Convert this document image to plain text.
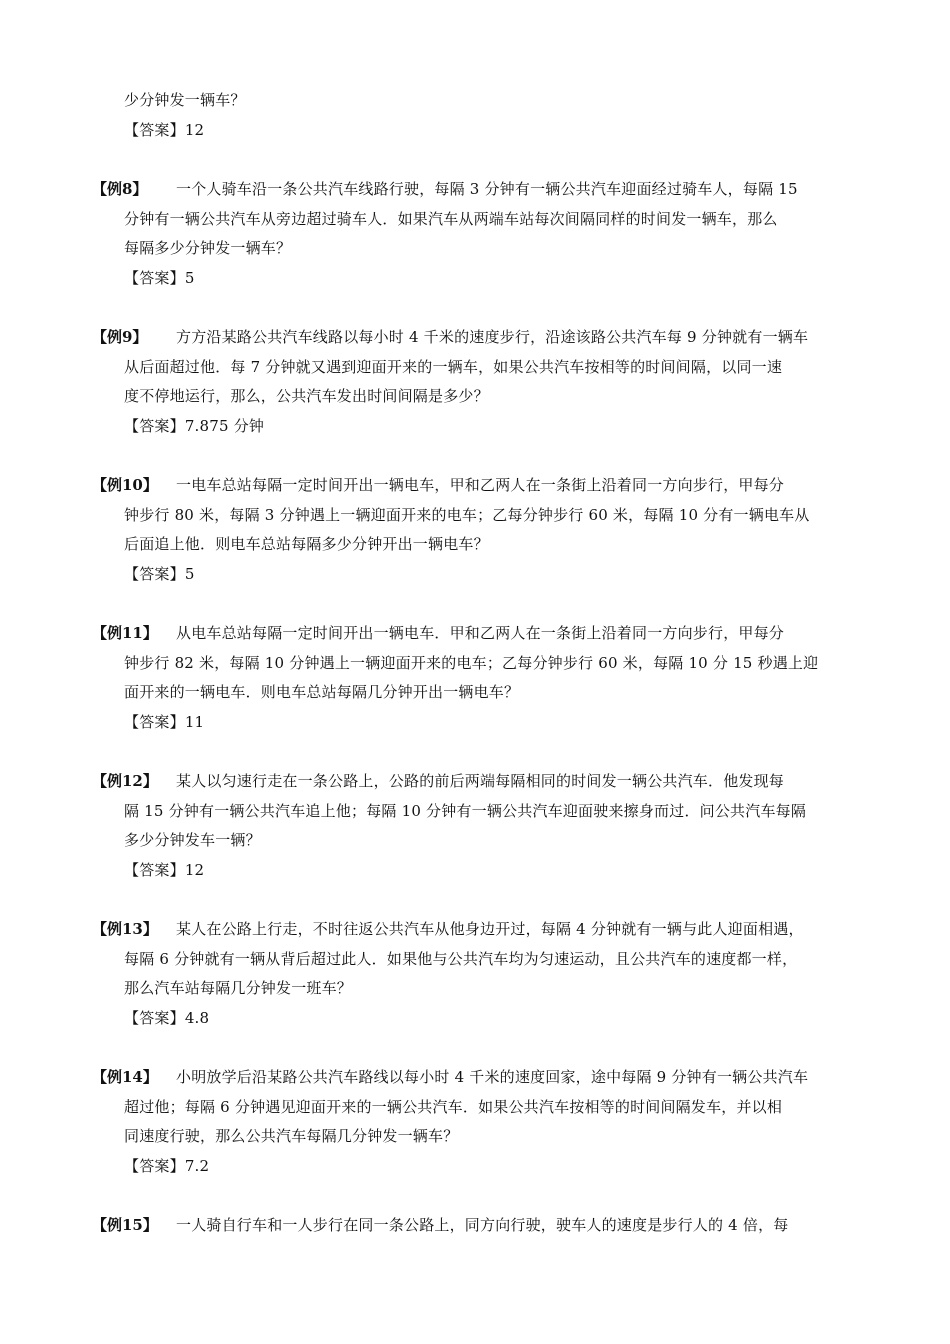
少分钟发一辆车？
【答案】12
【例8】 一个人骑车沿一条公共汽车线路行驶，每隔 3 分钟有一辆公共汽车迎面经过骑车人，每隔 15
分钟有一辆公共汽车从旁边超过骑车人．如果汽车从两端车站每次间隔同样的时间发一辆车，那么
每隔多少分钟发一辆车？
【答案】5
【例9】 方方沿某路公共汽车线路以每小时 4 千米的速度步行，沿途该路公共汽车每 9 分钟就有一辆车
从后面超过他．每 7 分钟就又遇到迎面开来的一辆车，如果公共汽车按相等的时间间隔，以同一速
度不停地运行，那么，公共汽车发出时间间隔是多少？
【答案】7.875 分钟
【例10】 一电车总站每隔一定时间开出一辆电车，甲和乙两人在一条街上沿着同一方向步行，甲每分
钟步行 80 米，每隔 3 分钟遇上一辆迎面开来的电车；乙每分钟步行 60 米，每隔 10 分有一辆电车从
后面追上他．则电车总站每隔多少分钟开出一辆电车？
【答案】5
【例11】 从电车总站每隔一定时间开出一辆电车．甲和乙两人在一条街上沿着同一方向步行，甲每分
钟步行 82 米，每隔 10 分钟遇上一辆迎面开来的电车；乙每分钟步行 60 米，每隔 10 分 15 秒遇上迎
面开来的一辆电车．则电车总站每隔几分钟开出一辆电车？
【答案】11
【例12】 某人以匀速行走在一条公路上，公路的前后两端每隔相同的时间发一辆公共汽车．他发现每
隔 15 分钟有一辆公共汽车追上他；每隔 10 分钟有一辆公共汽车迎面驶来擦身而过．问公共汽车每隔
多少分钟发车一辆？
【答案】12
【例13】 某人在公路上行走，不时往返公共汽车从他身边开过，每隔 4 分钟就有一辆与此人迎面相遇，
每隔 6 分钟就有一辆从背后超过此人．如果他与公共汽车均为匀速运动，且公共汽车的速度都一样，
那么汽车站每隔几分钟发一班车？
【答案】4.8
【例14】 小明放学后沿某路公共汽车路线以每小时 4 千米的速度回家，途中每隔 9 分钟有一辆公共汽车
超过他；每隔 6 分钟遇见迎面开来的一辆公共汽车．如果公共汽车按相等的时间间隔发车，并以相
同速度行驶，那么公共汽车每隔几分钟发一辆车？
【答案】7.2
【例15】 一人骑自行车和一人步行在同一条公路上，同方向行驶，驶车人的速度是步行人的 4 倍，每
